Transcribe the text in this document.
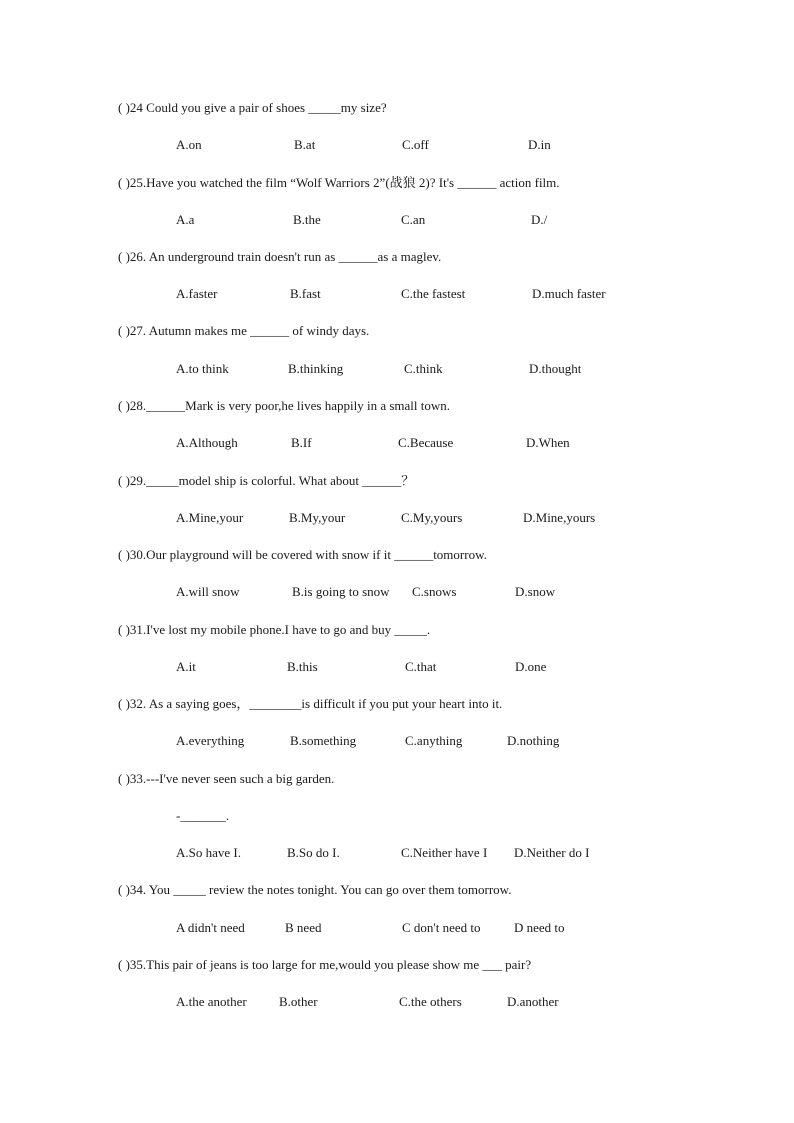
( )24 Could you give a pair of shoes _____my size?
A.on	B.at	C.off	D.in
( )25.Have you watched the film “Wolf Warriors 2”(战狼 2)? It's ______ action film.
A.a	B.the	C.an	D./
( )26. An underground train doesn't run as ______as a maglev.
A.faster	B.fast	C.the fastest	D.much faster
( )27. Autumn makes me ______ of windy days.
A.to think	B.thinking	C.think	D.thought
( )28.______Mark is very poor,he lives happily in a small town.
A.Although	B.If	C.Because	D.When
( )29._____model ship is colorful. What about ______？
A.Mine,your	B.My,your	C.My,yours	D.Mine,yours
( )30.Our playground will be covered with snow if it ______tomorrow.
A.will snow	B.is going to snow C.snows	D.snow
( )31.I've lost my mobile phone.I have to go and buy _____.
A.it	B.this	C.that	D.one
( )32. As a saying goes，________is difficult if you put your heart into it.
A.everything	B.something	C.anything	D.nothing
( )33.---I've never seen such a big garden.
-_______.
A.So have I.	B.So do I.	C.Neither have I D.Neither do I
( )34. You _____ review the notes tonight. You can go over them tomorrow.
A didn't need	B need	C don't need to	D need to
( )35.This pair of jeans is too large for me,would you please show me ___ pair?
A.the another B.other	C.the others	D.another
